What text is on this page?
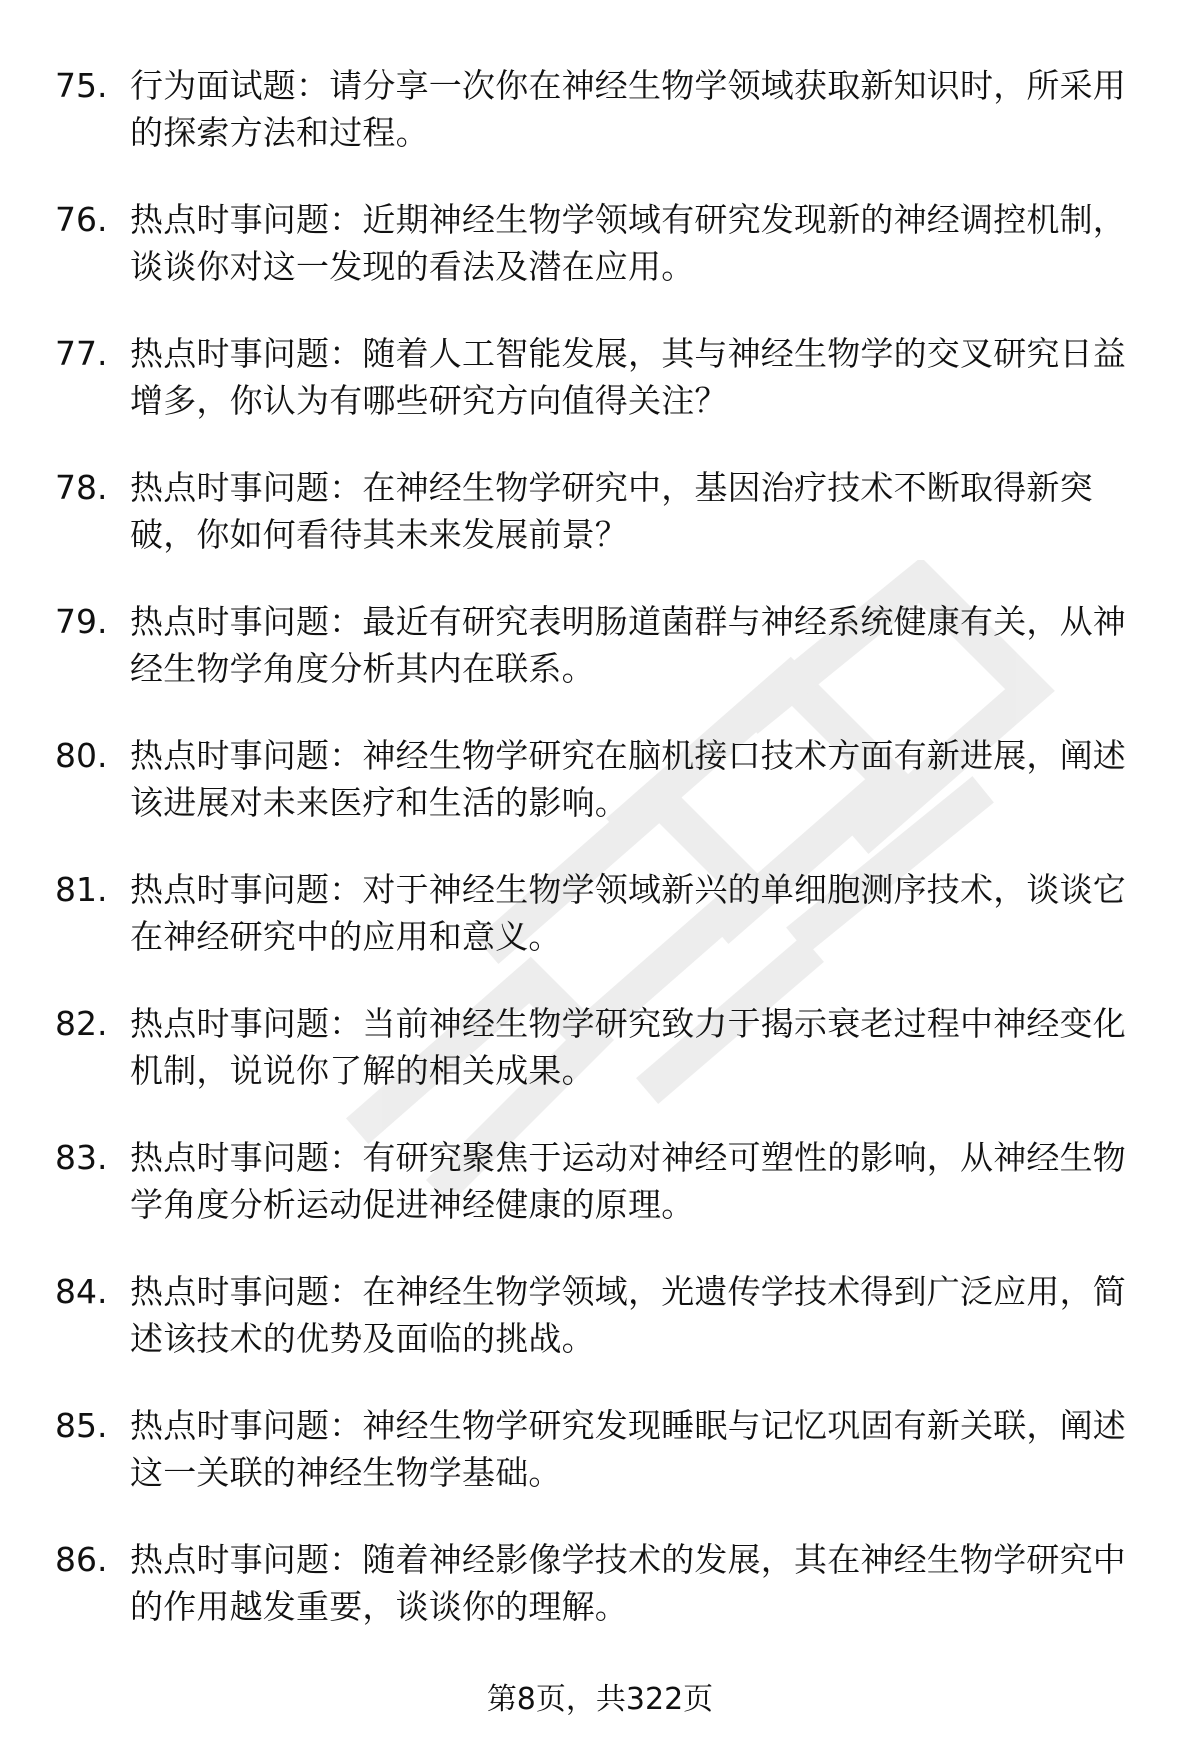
75. 行为面试题：请分享一次你在神经生物学领域获取新知识时，所采用的探索方法和过程。
76. 热点时事问题：近期神经生物学领域有研究发现新的神经调控机制，谈谈你对这一发现的看法及潜在应用。
77. 热点时事问题：随着人工智能发展，其与神经生物学的交叉研究日益增多，你认为有哪些研究方向值得关注？
78. 热点时事问题：在神经生物学研究中，基因治疗技术不断取得新突破，你如何看待其未来发展前景？
79. 热点时事问题：最近有研究表明肠道菌群与神经系统健康有关，从神经生物学角度分析其内在联系。
80. 热点时事问题：神经生物学研究在脑机接口技术方面有新进展，阐述该进展对未来医疗和生活的影响。
81. 热点时事问题：对于神经生物学领域新兴的单细胞测序技术，谈谈它在神经研究中的应用和意义。
82. 热点时事问题：当前神经生物学研究致力于揭示衰老过程中神经变化机制，说说你了解的相关成果。
83. 热点时事问题：有研究聚焦于运动对神经可塑性的影响，从神经生物学角度分析运动促进神经健康的原理。
84. 热点时事问题：在神经生物学领域，光遗传学技术得到广泛应用，简述该技术的优势及面临的挑战。
85. 热点时事问题：神经生物学研究发现睡眠与记忆巩固有新关联，阐述这一关联的神经生物学基础。
86. 热点时事问题：随着神经影像学技术的发展，其在神经生物学研究中的作用越发重要，谈谈你的理解。
第8页，共322页
